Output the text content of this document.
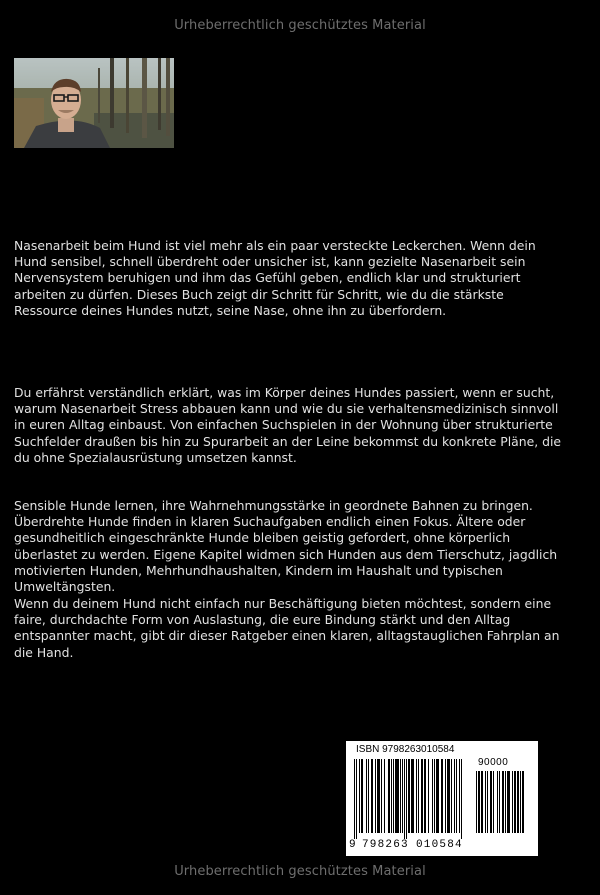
Urheberrechtlich geschütztes Material

Nasenarbeit beim Hund ist viel mehr als ein paar versteckte Leckerchen. Wenn dein Hund sensibel, schnell überdreht oder unsicher ist, kann gezielte Nasenarbeit sein Nervensystem beruhigen und ihm das Gefühl geben, endlich klar und strukturiert arbeiten zu dürfen. Dieses Buch zeigt dir Schritt für Schritt, wie du die stärkste Ressource deines Hundes nutzt, seine Nase, ohne ihn zu überfordern.

Du erfährst verständlich erklärt, was im Körper deines Hundes passiert, wenn er sucht, warum Nasenarbeit Stress abbauen kann und wie du sie verhaltensmedizinisch sinnvoll in euren Alltag einbaust. Von einfachen Suchspielen in der Wohnung über strukturierte Suchfelder draußen bis hin zu Spurarbeit an der Leine bekommst du konkrete Pläne, die du ohne Spezialausrüstung umsetzen kannst.

Sensible Hunde lernen, ihre Wahrnehmungsstärke in geordnete Bahnen zu bringen. Überdrehte Hunde finden in klaren Suchaufgaben endlich einen Fokus. Ältere oder gesundheitlich eingeschränkte Hunde bleiben geistig gefordert, ohne körperlich überlastet zu werden. Eigene Kapitel widmen sich Hunden aus dem Tierschutz, jagdlich motivierten Hunden, Mehrhundhaushalten, Kindern im Haushalt und typischen Umweltängsten.

Wenn du deinem Hund nicht einfach nur Beschäftigung bieten möchtest, sondern eine faire, durchdachte Form von Auslastung, die eure Bindung stärkt und den Alltag entspannter macht, gibt dir dieser Ratgeber einen klaren, alltagstauglichen Fahrplan an die Hand.

ISBN 9798263010584
90000
9 798263 010584
Urheberrechtlich geschütztes Material
